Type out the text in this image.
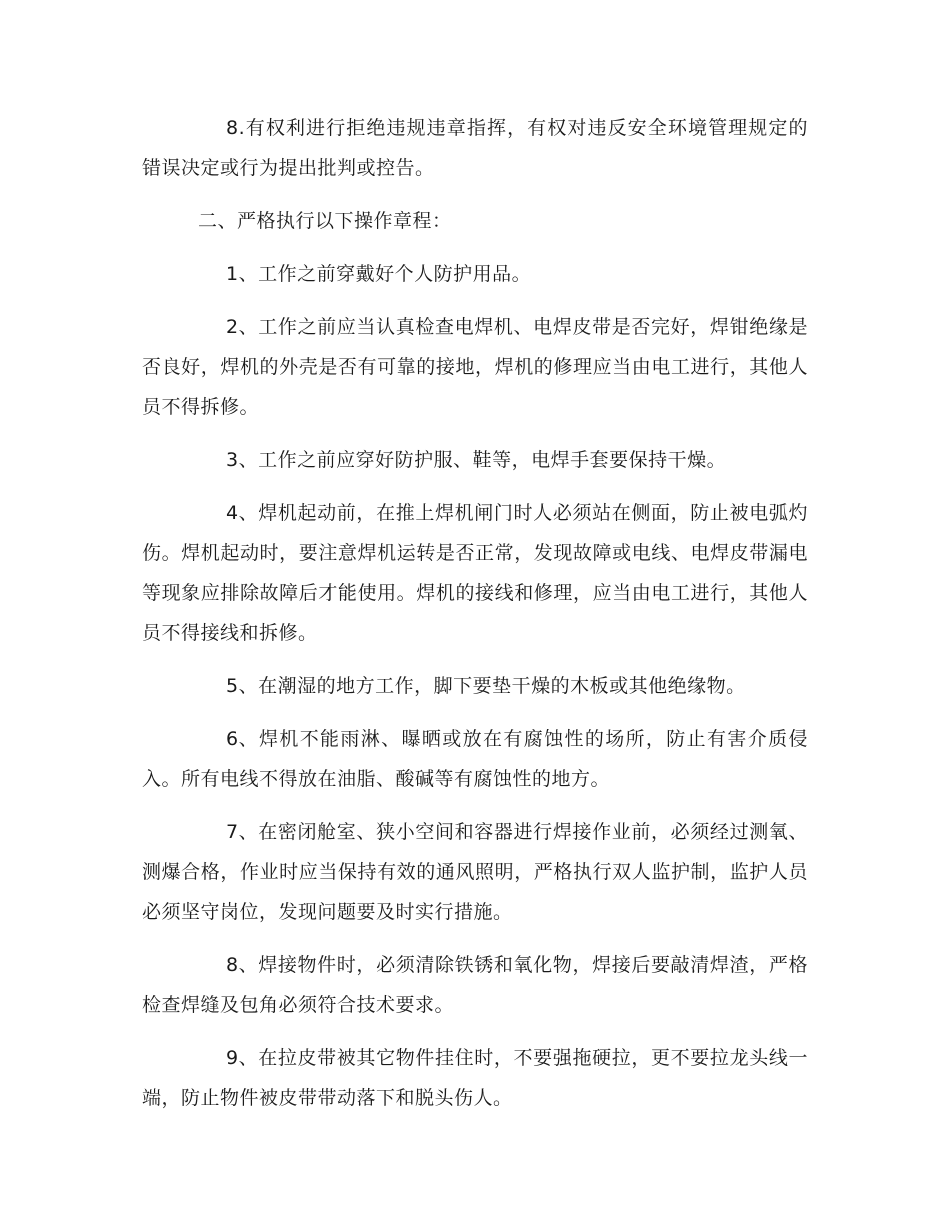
8.有权利进行拒绝违规违章指挥，有权对违反安全环境管理规定的错误决定或行为提出批判或控告。

二、严格执行以下操作章程：

1、工作之前穿戴好个人防护用品。

2、工作之前应当认真检查电焊机、电焊皮带是否完好，焊钳绝缘是否良好，焊机的外壳是否有可靠的接地，焊机的修理应当由电工进行，其他人员不得拆修。

3、工作之前应穿好防护服、鞋等，电焊手套要保持干燥。

4、焊机起动前，在推上焊机闸门时人必须站在侧面，防止被电弧灼伤。焊机起动时，要注意焊机运转是否正常，发现故障或电线、电焊皮带漏电等现象应排除故障后才能使用。焊机的接线和修理，应当由电工进行，其他人员不得接线和拆修。

5、在潮湿的地方工作，脚下要垫干燥的木板或其他绝缘物。

6、焊机不能雨淋、曝晒或放在有腐蚀性的场所，防止有害介质侵入。所有电线不得放在油脂、酸碱等有腐蚀性的地方。

7、在密闭舱室、狭小空间和容器进行焊接作业前，必须经过测氧、测爆合格，作业时应当保持有效的通风照明，严格执行双人监护制，监护人员必须坚守岗位，发现问题要及时实行措施。

8、焊接物件时，必须清除铁锈和氧化物，焊接后要敲清焊渣，严格检查焊缝及包角必须符合技术要求。

9、在拉皮带被其它物件挂住时，不要强拖硬拉，更不要拉龙头线一端，防止物件被皮带带动落下和脱头伤人。
